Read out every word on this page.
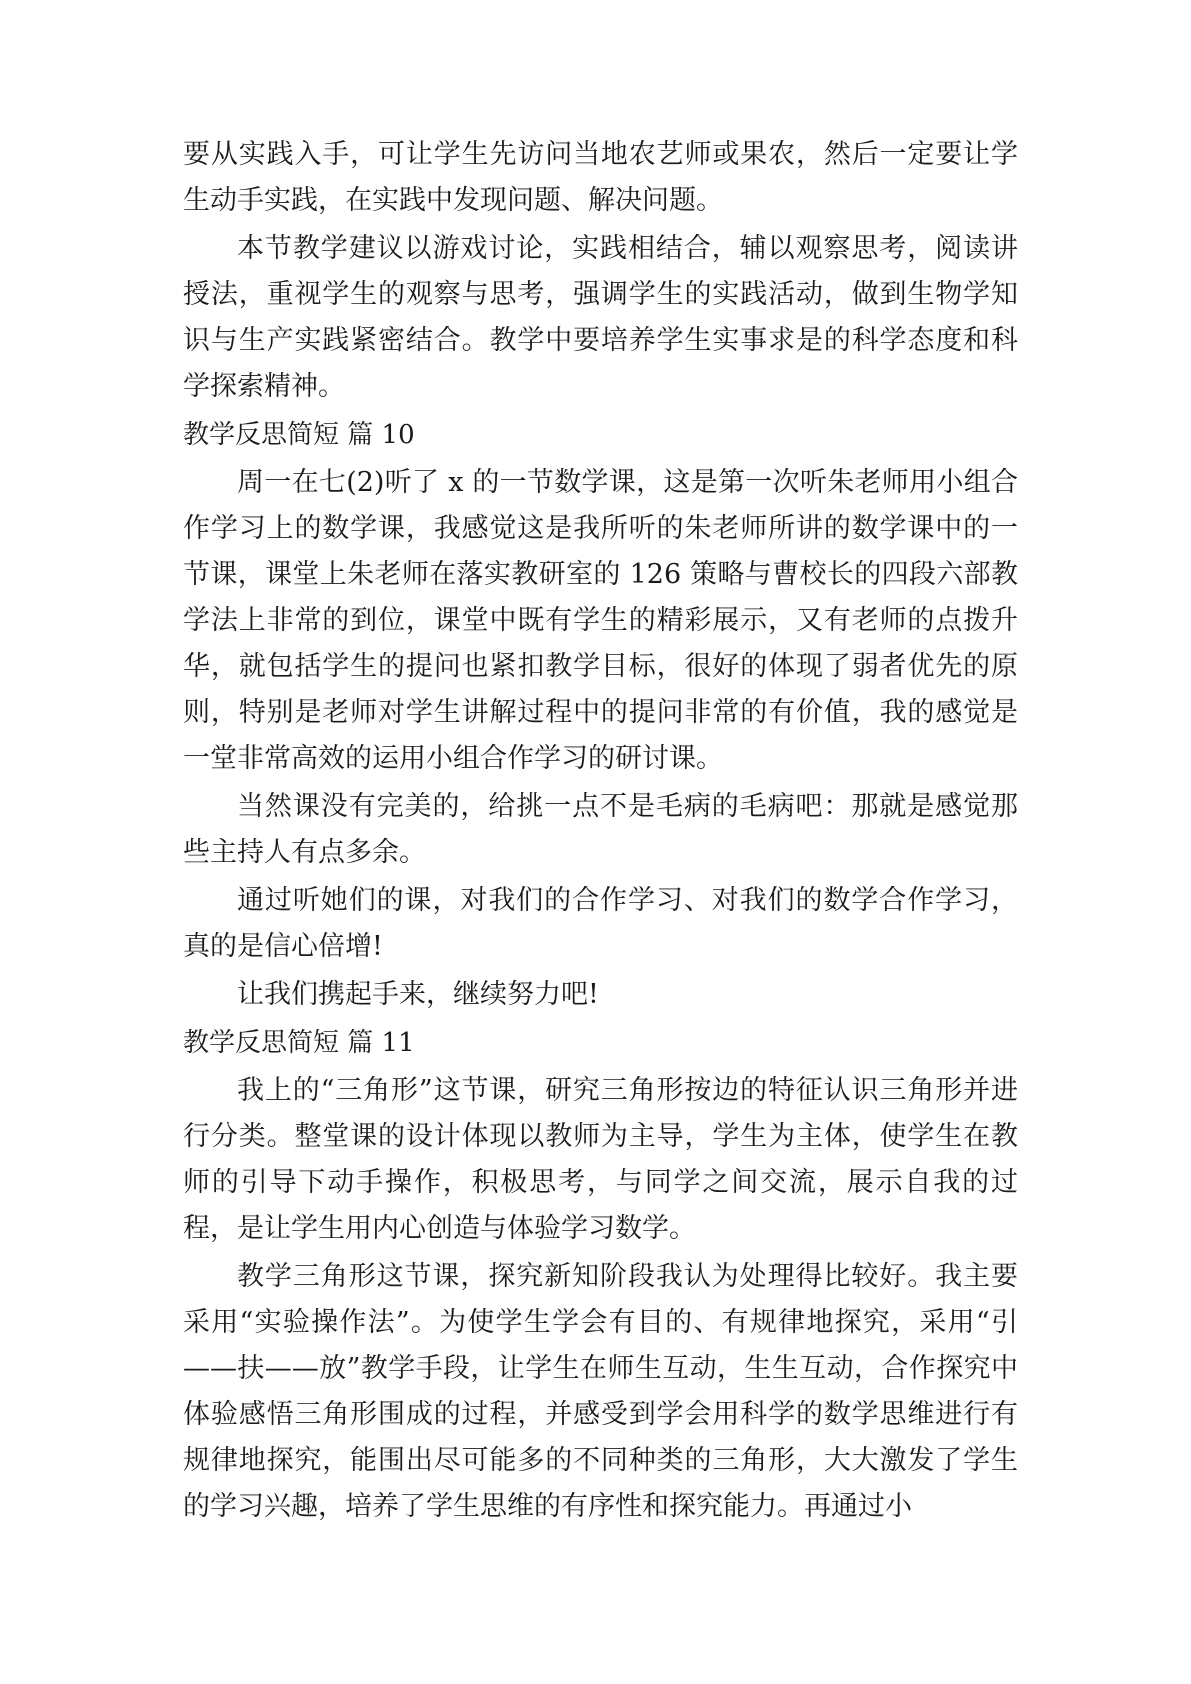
要从实践入手，可让学生先访问当地农艺师或果农，然后一定要让学生动手实践，在实践中发现问题、解决问题。

本节教学建议以游戏讨论，实践相结合，辅以观察思考，阅读讲授法，重视学生的观察与思考，强调学生的实践活动，做到生物学知识与生产实践紧密结合。教学中要培养学生实事求是的科学态度和科学探索精神。

教学反思简短 篇 10

周一在七(2)听了 x 的一节数学课，这是第一次听朱老师用小组合作学习上的数学课，我感觉这是我所听的朱老师所讲的数学课中的一节课，课堂上朱老师在落实教研室的 126 策略与曹校长的四段六部教学法上非常的到位，课堂中既有学生的精彩展示，又有老师的点拨升华，就包括学生的提问也紧扣教学目标，很好的体现了弱者优先的原则，特别是老师对学生讲解过程中的提问非常的有价值，我的感觉是一堂非常高效的运用小组合作学习的研讨课。

当然课没有完美的，给挑一点不是毛病的毛病吧：那就是感觉那些主持人有点多余。

通过听她们的课，对我们的合作学习、对我们的数学合作学习，真的是信心倍增!

让我们携起手来，继续努力吧!

教学反思简短 篇 11

我上的“三角形”这节课，研究三角形按边的特征认识三角形并进行分类。整堂课的设计体现以教师为主导，学生为主体，使学生在教师的引导下动手操作，积极思考，与同学之间交流，展示自我的过程，是让学生用内心创造与体验学习数学。

教学三角形这节课，探究新知阶段我认为处理得比较好。我主要采用“实验操作法”。为使学生学会有目的、有规律地探究，采用“引——扶——放”教学手段，让学生在师生互动，生生互动，合作探究中体验感悟三角形围成的过程，并感受到学会用科学的数学思维进行有规律地探究，能围出尽可能多的不同种类的三角形，大大激发了学生的学习兴趣，培养了学生思维的有序性和探究能力。再通过小
